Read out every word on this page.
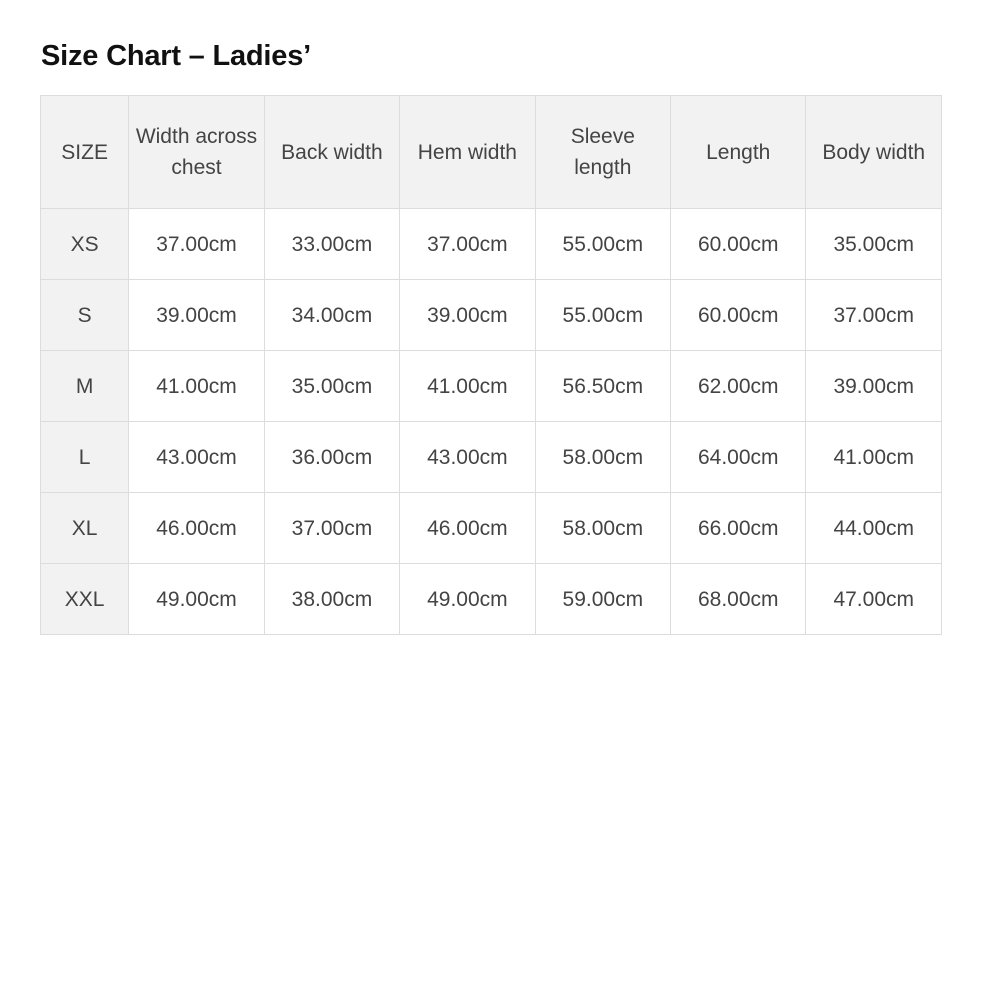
Size Chart – Ladies’
SIZE	Width across chest	Back width	Hem width	Sleeve length	Length	Body width
XS	37.00cm	33.00cm	37.00cm	55.00cm	60.00cm	35.00cm
S	39.00cm	34.00cm	39.00cm	55.00cm	60.00cm	37.00cm
M	41.00cm	35.00cm	41.00cm	56.50cm	62.00cm	39.00cm
L	43.00cm	36.00cm	43.00cm	58.00cm	64.00cm	41.00cm
XL	46.00cm	37.00cm	46.00cm	58.00cm	66.00cm	44.00cm
XXL	49.00cm	38.00cm	49.00cm	59.00cm	68.00cm	47.00cm
